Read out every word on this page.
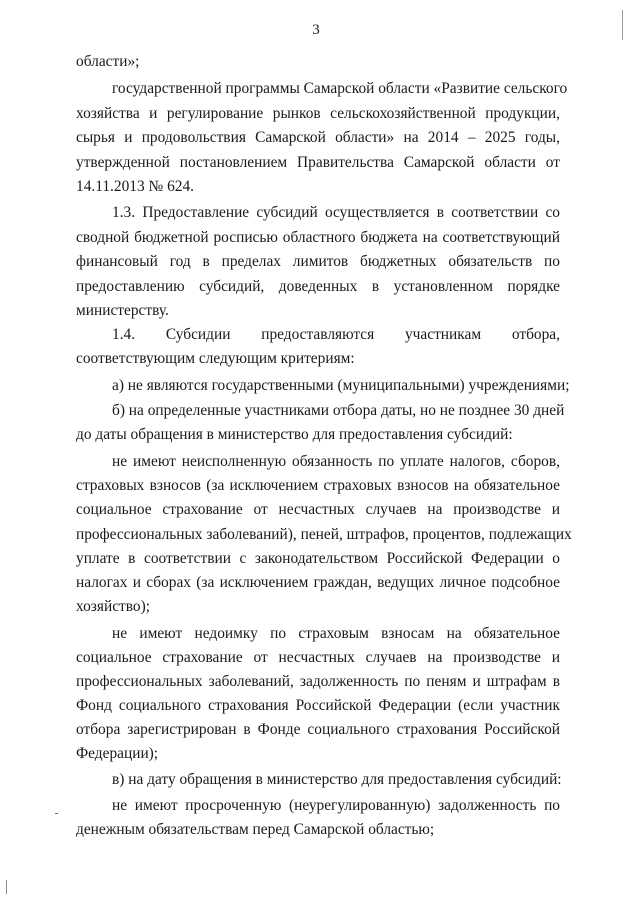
3
области»;
государственной программы Самарской области «Развитие сельского
хозяйства и регулирование рынков сельскохозяйственной продукции,
сырья и продовольствия Самарской области» на 2014 – 2025 годы,
утвержденной постановлением Правительства Самарской области от
14.11.2013 № 624.
1.3. Предоставление субсидий осуществляется в соответствии со
сводной бюджетной росписью областного бюджета на соответствующий
финансовый год в пределах лимитов бюджетных обязательств по
предоставлению субсидий, доведенных в установленном порядке
министерству.
1.4. Субсидии предоставляются участникам отбора,
соответствующим следующим критериям:
а) не являются государственными (муниципальными) учреждениями;
б) на определенные участниками отбора даты, но не позднее 30 дней
до даты обращения в министерство для предоставления субсидий:
не имеют неисполненную обязанность по уплате налогов, сборов,
страховых взносов (за исключением страховых взносов на обязательное
социальное страхование от несчастных случаев на производстве и
профессиональных заболеваний), пеней, штрафов, процентов, подлежащих
уплате в соответствии с законодательством Российской Федерации о
налогах и сборах (за исключением граждан, ведущих личное подсобное
хозяйство);
не имеют недоимку по страховым взносам на обязательное
социальное страхование от несчастных случаев на производстве и
профессиональных заболеваний, задолженность по пеням и штрафам в
Фонд социального страхования Российской Федерации (если участник
отбора зарегистрирован в Фонде социального страхования Российской
Федерации);
в) на дату обращения в министерство для предоставления субсидий:
не имеют просроченную (неурегулированную) задолженность по
денежным обязательствам перед Самарской областью;
